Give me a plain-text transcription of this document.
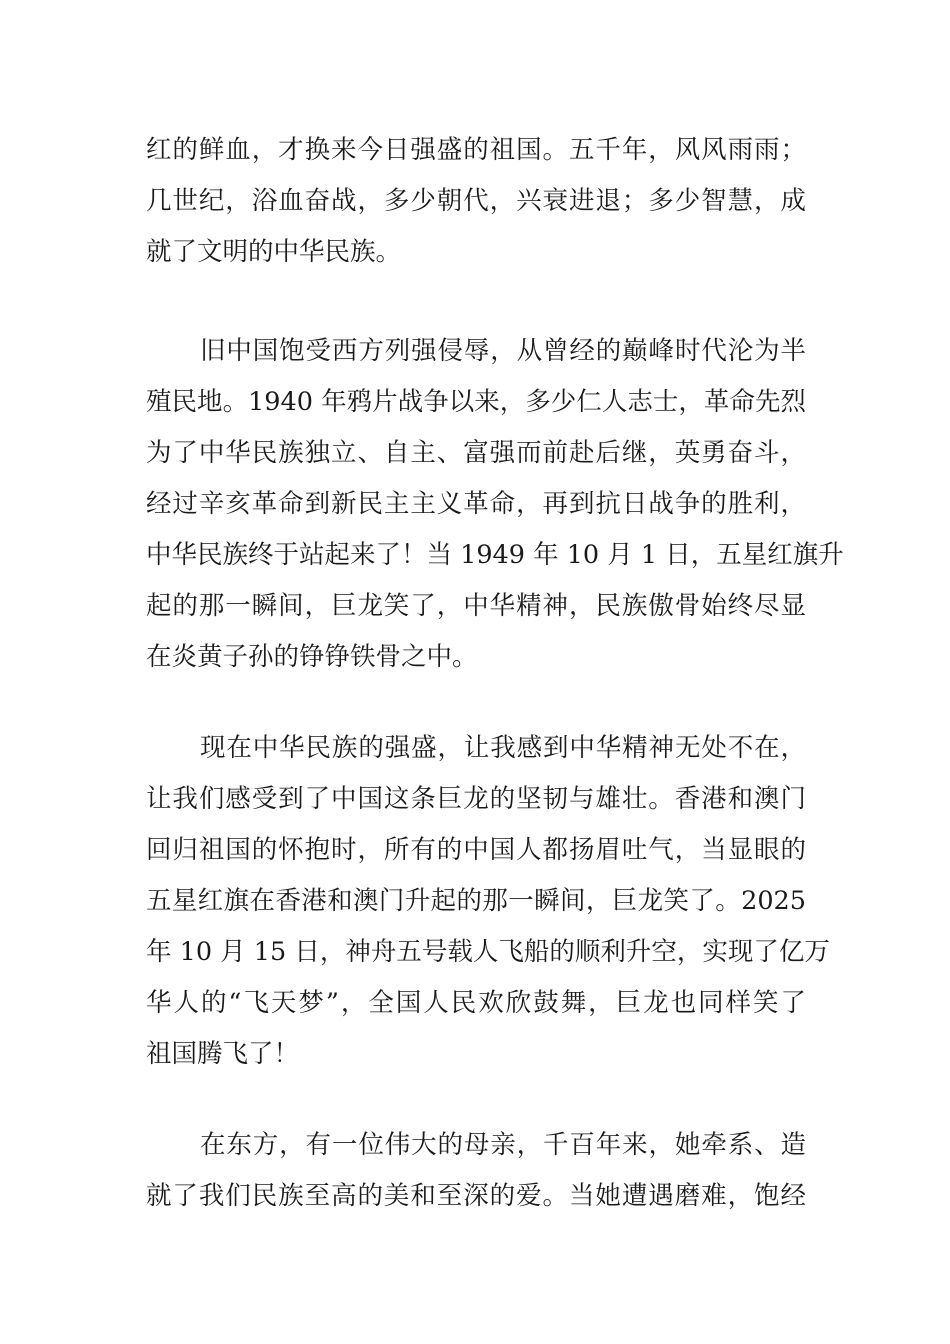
红的鲜血，才换来今日强盛的祖国。五千年，风风雨雨；
几世纪，浴血奋战，多少朝代，兴衰进退；多少智慧，成
就了文明的中华民族。
旧中国饱受西方列强侵辱，从曾经的巅峰时代沦为半
殖民地。1940 年鸦片战争以来，多少仁人志士，革命先烈
为了中华民族独立、自主、富强而前赴后继，英勇奋斗，
经过辛亥革命到新民主主义革命，再到抗日战争的胜利，
中华民族终于站起来了！当 1949 年 10 月 1 日，五星红旗升
起的那一瞬间，巨龙笑了，中华精神，民族傲骨始终尽显
在炎黄子孙的铮铮铁骨之中。
现在中华民族的强盛，让我感到中华精神无处不在，
让我们感受到了中国这条巨龙的坚韧与雄壮。香港和澳门
回归祖国的怀抱时，所有的中国人都扬眉吐气，当显眼的
五星红旗在香港和澳门升起的那一瞬间，巨龙笑了。2025
年 10 月 15 日，神舟五号载人飞船的顺利升空，实现了亿万
华人的“飞天梦”，全国人民欢欣鼓舞，巨龙也同样笑了
祖国腾飞了！
在东方，有一位伟大的母亲，千百年来，她牵系、造
就了我们民族至高的美和至深的爱。当她遭遇磨难，饱经
